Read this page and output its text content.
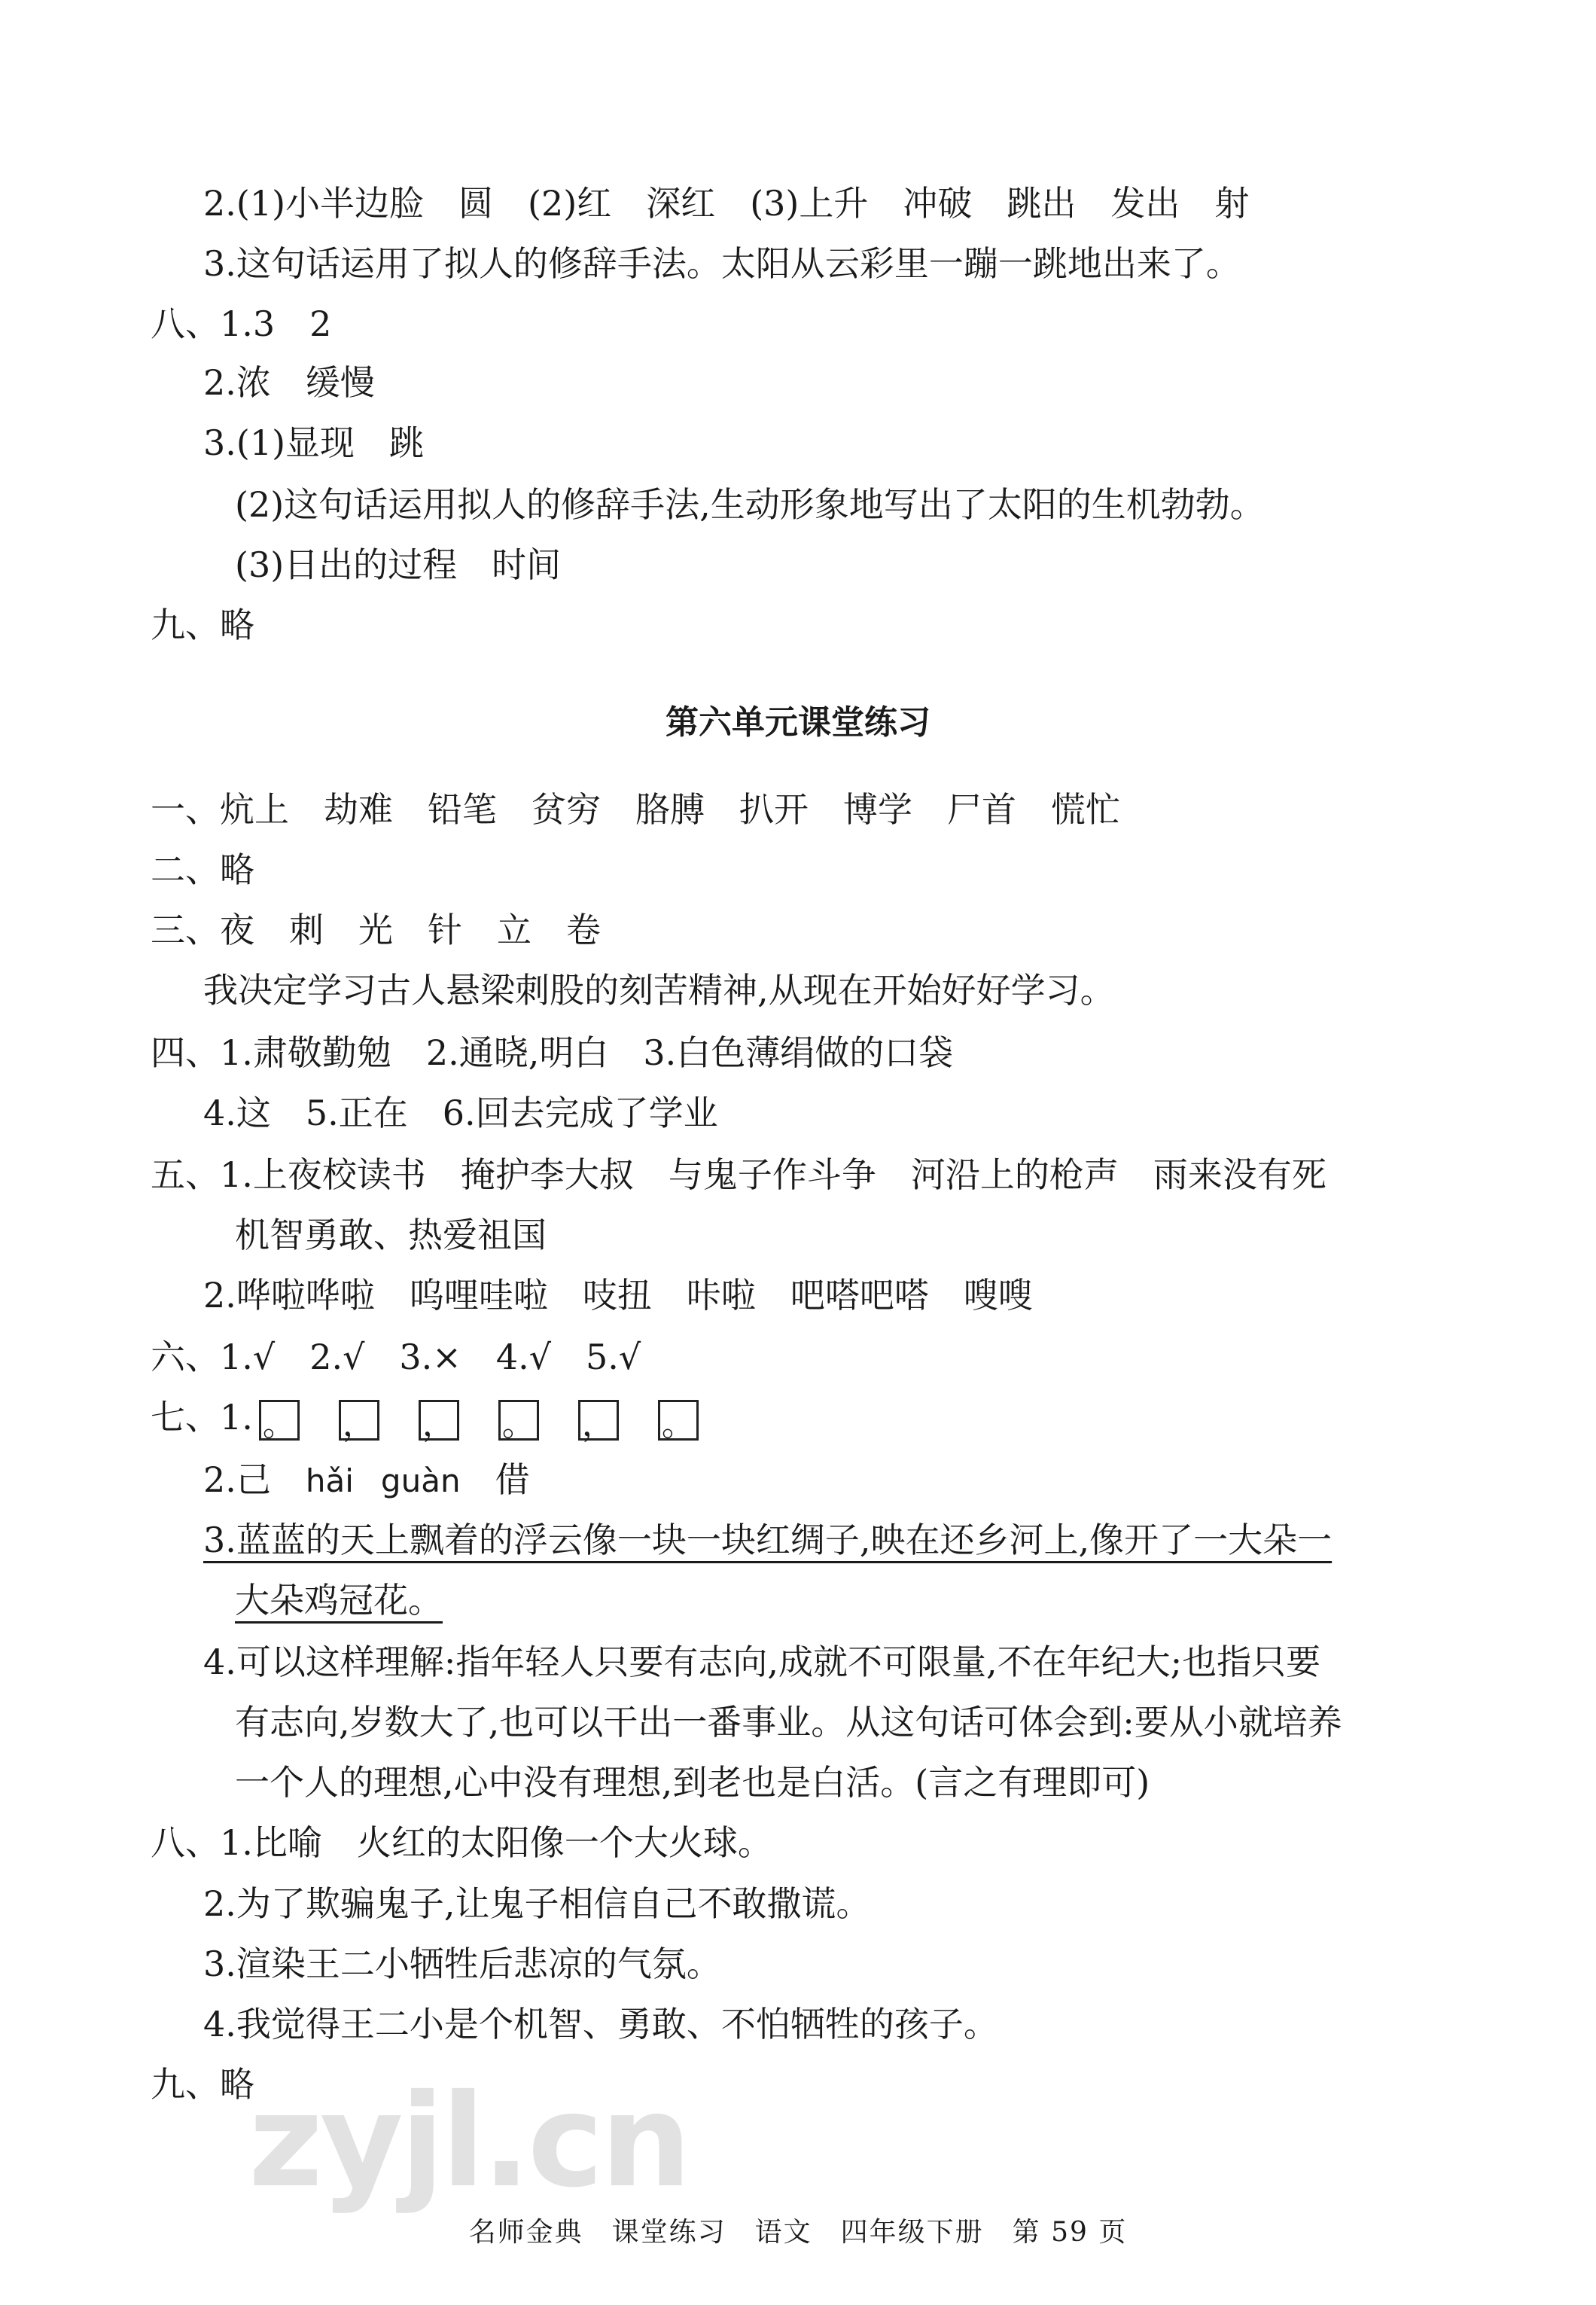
2.(1)小半边脸　圆　(2)红　深红　(3)上升　冲破　跳出　发出　射
3.这句话运用了拟人的修辞手法。太阳从云彩里一蹦一跳地出来了。
八、1.3　2
2.浓　缓慢
3.(1)显现　跳
(2)这句话运用拟人的修辞手法,生动形象地写出了太阳的生机勃勃。
(3)日出的过程　时间
九、略
第六单元课堂练习
一、炕上　劫难　铅笔　贫穷　胳膊　扒开　博学　尸首　慌忙
二、略
三、夜　刺　光　针　立　卷
我决定学习古人悬梁刺股的刻苦精神,从现在开始好好学习。
四、1.肃敬勤勉　2.通晓,明白　3.白色薄绢做的口袋
4.这　5.正在　6.回去完成了学业
五、1.上夜校读书　掩护李大叔　与鬼子作斗争　河沿上的枪声　雨来没有死
机智勇敢、热爱祖国
2.哗啦哗啦　呜哩哇啦　吱扭　咔啦　吧嗒吧嗒　嗖嗖
六、1.√　2.√　3.×　4.√　5.√
七、1. 。 ， ， 。 ， 。
2.己 hǎi guàn 借
3.蓝蓝的天上飘着的浮云像一块一块红绸子,映在还乡河上,像开了一大朵一
大朵鸡冠花。
4.可以这样理解:指年轻人只要有志向,成就不可限量,不在年纪大;也指只要
有志向,岁数大了,也可以干出一番事业。从这句话可体会到:要从小就培养
一个人的理想,心中没有理想,到老也是白活。(言之有理即可)
八、1.比喻　火红的太阳像一个大火球。
2.为了欺骗鬼子,让鬼子相信自己不敢撒谎。
3.渲染王二小牺牲后悲凉的气氛。
4.我觉得王二小是个机智、勇敢、不怕牺牲的孩子。
九、略
zyjl.cn
名师金典　课堂练习　语文　四年级下册　第 59 页
